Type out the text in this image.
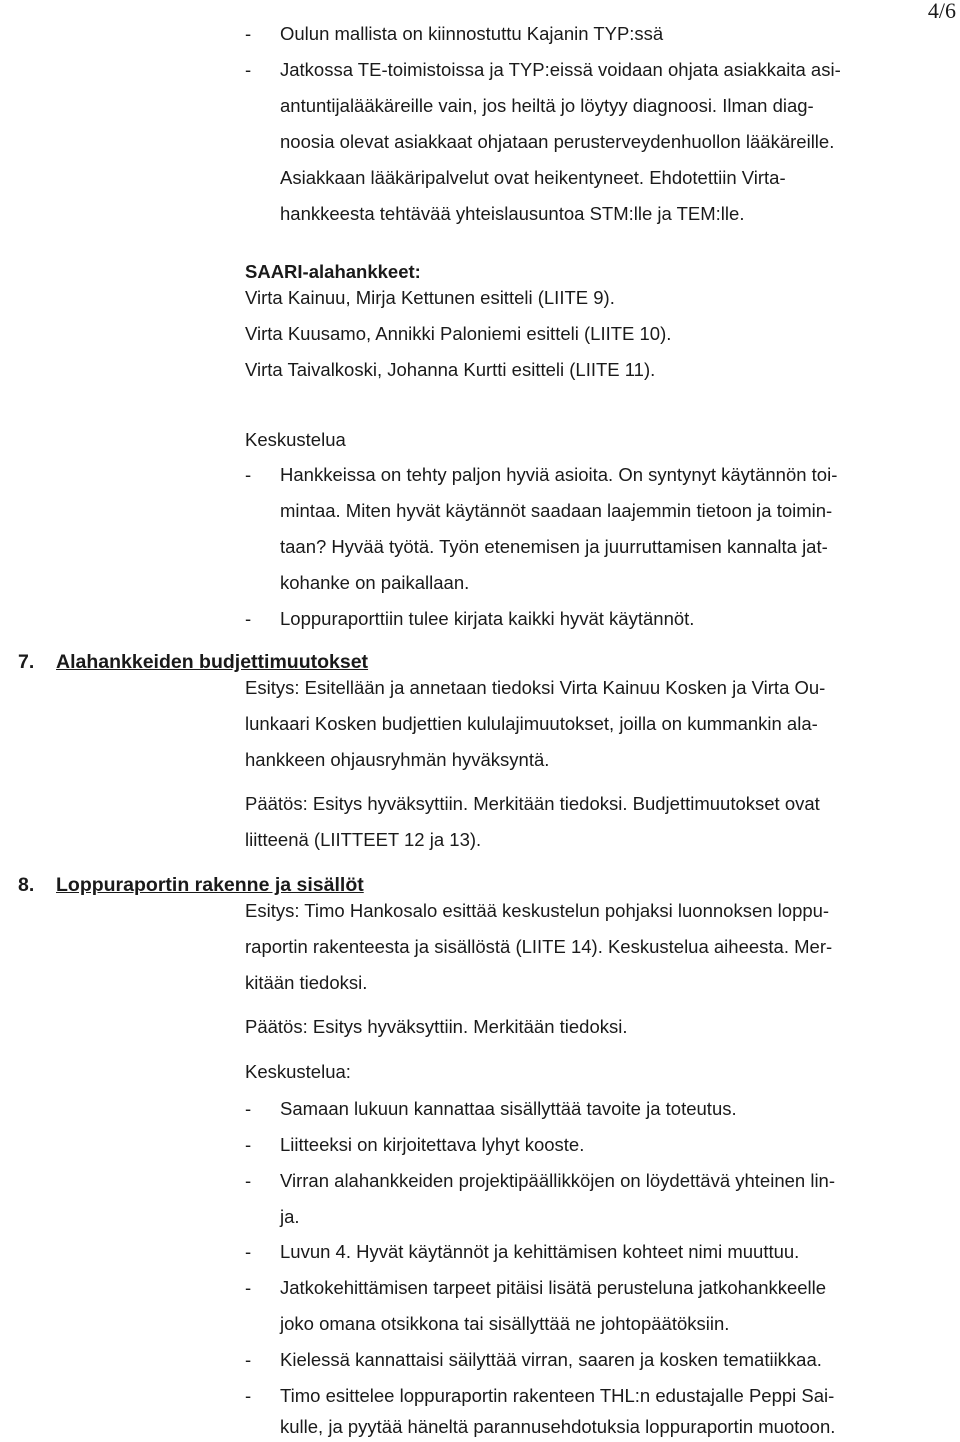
4/6
- Oulun mallista on kiinnostuttu Kajanin TYP:ssä
- Jatkossa TE-toimistoissa ja TYP:eissä voidaan ohjata asiakkaita asi-
antuntijalääkäreille vain, jos heiltä jo löytyy diagnoosi. Ilman diag-
noosia olevat asiakkaat ohjataan perusterveydenhuollon lääkäreille.
Asiakkaan lääkäripalvelut ovat heikentyneet. Ehdotettiin Virta-
hankkeesta tehtävää yhteislausuntoa STM:lle ja TEM:lle.
SAARI-alahankkeet:
Virta Kainuu, Mirja Kettunen esitteli (LIITE 9).
Virta Kuusamo, Annikki Paloniemi esitteli (LIITE 10).
Virta Taivalkoski, Johanna Kurtti esitteli (LIITE 11).
Keskustelua
- Hankkeissa on tehty paljon hyviä asioita. On syntynyt käytännön toi-
mintaa. Miten hyvät käytännöt saadaan laajemmin tietoon ja toimin-
taan? Hyvää työtä. Työn etenemisen ja juurruttamisen kannalta jat-
kohanke on paikallaan.
- Loppuraporttiin tulee kirjata kaikki hyvät käytännöt.
7. Alahankkeiden budjettimuutokset
Esitys: Esitellään ja annetaan tiedoksi Virta Kainuu Kosken ja Virta Ou-
lunkaari Kosken budjettien kululajimuutokset, joilla on kummankin ala-
hankkeen ohjausryhmän hyväksyntä.
Päätös: Esitys hyväksyttiin. Merkitään tiedoksi. Budjettimuutokset ovat
liitteenä (LIITTEET 12 ja 13).
8. Loppuraportin rakenne ja sisällöt
Esitys: Timo Hankosalo esittää keskustelun pohjaksi luonnoksen loppu-
raportin rakenteesta ja sisällöstä (LIITE 14). Keskustelua aiheesta. Mer-
kitään tiedoksi.
Päätös: Esitys hyväksyttiin. Merkitään tiedoksi.
Keskustelua:
- Samaan lukuun kannattaa sisällyttää tavoite ja toteutus.
- Liitteeksi on kirjoitettava lyhyt kooste.
- Virran alahankkeiden projektipäällikköjen on löydettävä yhteinen lin-
ja.
- Luvun 4. Hyvät käytännöt ja kehittämisen kohteet nimi muuttuu.
- Jatkokehittämisen tarpeet pitäisi lisätä perusteluna jatkohankkeelle
joko omana otsikkona tai sisällyttää ne johtopäätöksiin.
- Kielessä kannattaisi säilyttää virran, saaren ja kosken tematiikkaa.
- Timo esittelee loppuraportin rakenteen THL:n edustajalle Peppi Sai-
kulle, ja pyytää häneltä parannusehdotuksia loppuraportin muotoon.
